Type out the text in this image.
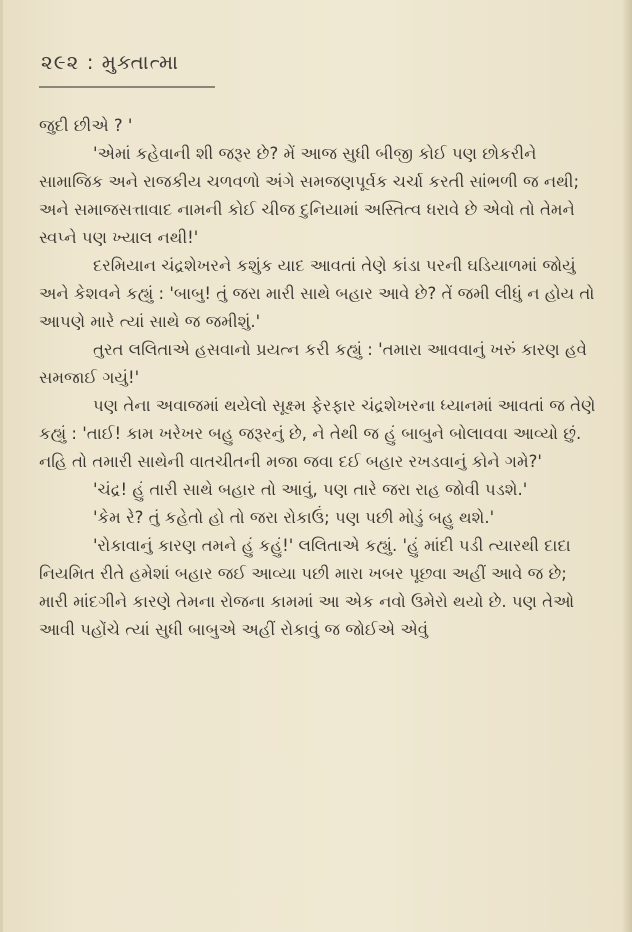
૨૯૨ : મુક્તાત્મા

જુદી છીએ ? '

'એમાં કહેવાની શી જરૂર છે? મેં આજ સુધી બીજી કોઈ પણ છોકરીને સામાજિક અને રાજકીય ચળવળો અંગે સમજણપૂર્વક ચર્ચા કરતી સાંભળી જ નથી; અને સમાજસત્તાવાદ નામની કોઈ ચીજ દુનિયામાં અસ્તિત્વ ધરાવે છે એવો તો તેમને સ્વપ્ને પણ ખ્યાલ નથી!'

દરમિયાન ચંદ્રશેખરને કશુંક યાદ આવતાં તેણે કાંડા પરની ઘડિયાળમાં જોયું અને કેશવને કહ્યું : 'બાબુ! તું જરા મારી સાથે બહાર આવે છે? તેં જમી લીધું ન હોય તો આપણે મારે ત્યાં સાથે જ જમીશું.'

તુરત લલિતાએ હસવાનો પ્રયત્ન કરી કહ્યું : 'તમારા આવવાનું ખરું કારણ હવે સમજાઈ ગયું!'

પણ તેના અવાજમાં થયેલો સૂક્ષ્મ ફેરફાર ચંદ્રશેખરના ધ્યાનમાં આવતાં જ તેણે કહ્યું : 'તાઈ! કામ ખરેખર બહુ જરૂરનું છે, ને તેથી જ હું બાબુને બોલાવવા આવ્યો છું. નહિ તો તમારી સાથેની વાતચીતની મજા જવા દઈ બહાર રખડવાનું કોને ગમે?'

'ચંદ્ર! હું તારી સાથે બહાર તો આવું, પણ તારે જરા રાહ જોવી પડશે.'

'કેમ રે? તું કહેતો હો તો જરા રોકાઉં; પણ પછી મોડું બહુ થશે.'

'રોકાવાનું કારણ તમને હું કહું!' લલિતાએ કહ્યું. 'હું માંદી પડી ત્યારથી દાદા નિયમિત રીતે હમેશાં બહાર જઈ આવ્યા પછી મારા ખબર પૂછવા અહીં આવે જ છે; મારી માંદગીને કારણે તેમના રોજના કામમાં આ એક નવો ઉમેરો થયો છે. પણ તેઓ આવી પહોંચે ત્યાં સુધી બાબુએ અહીં રોકાવું જ જોઈએ એવું
